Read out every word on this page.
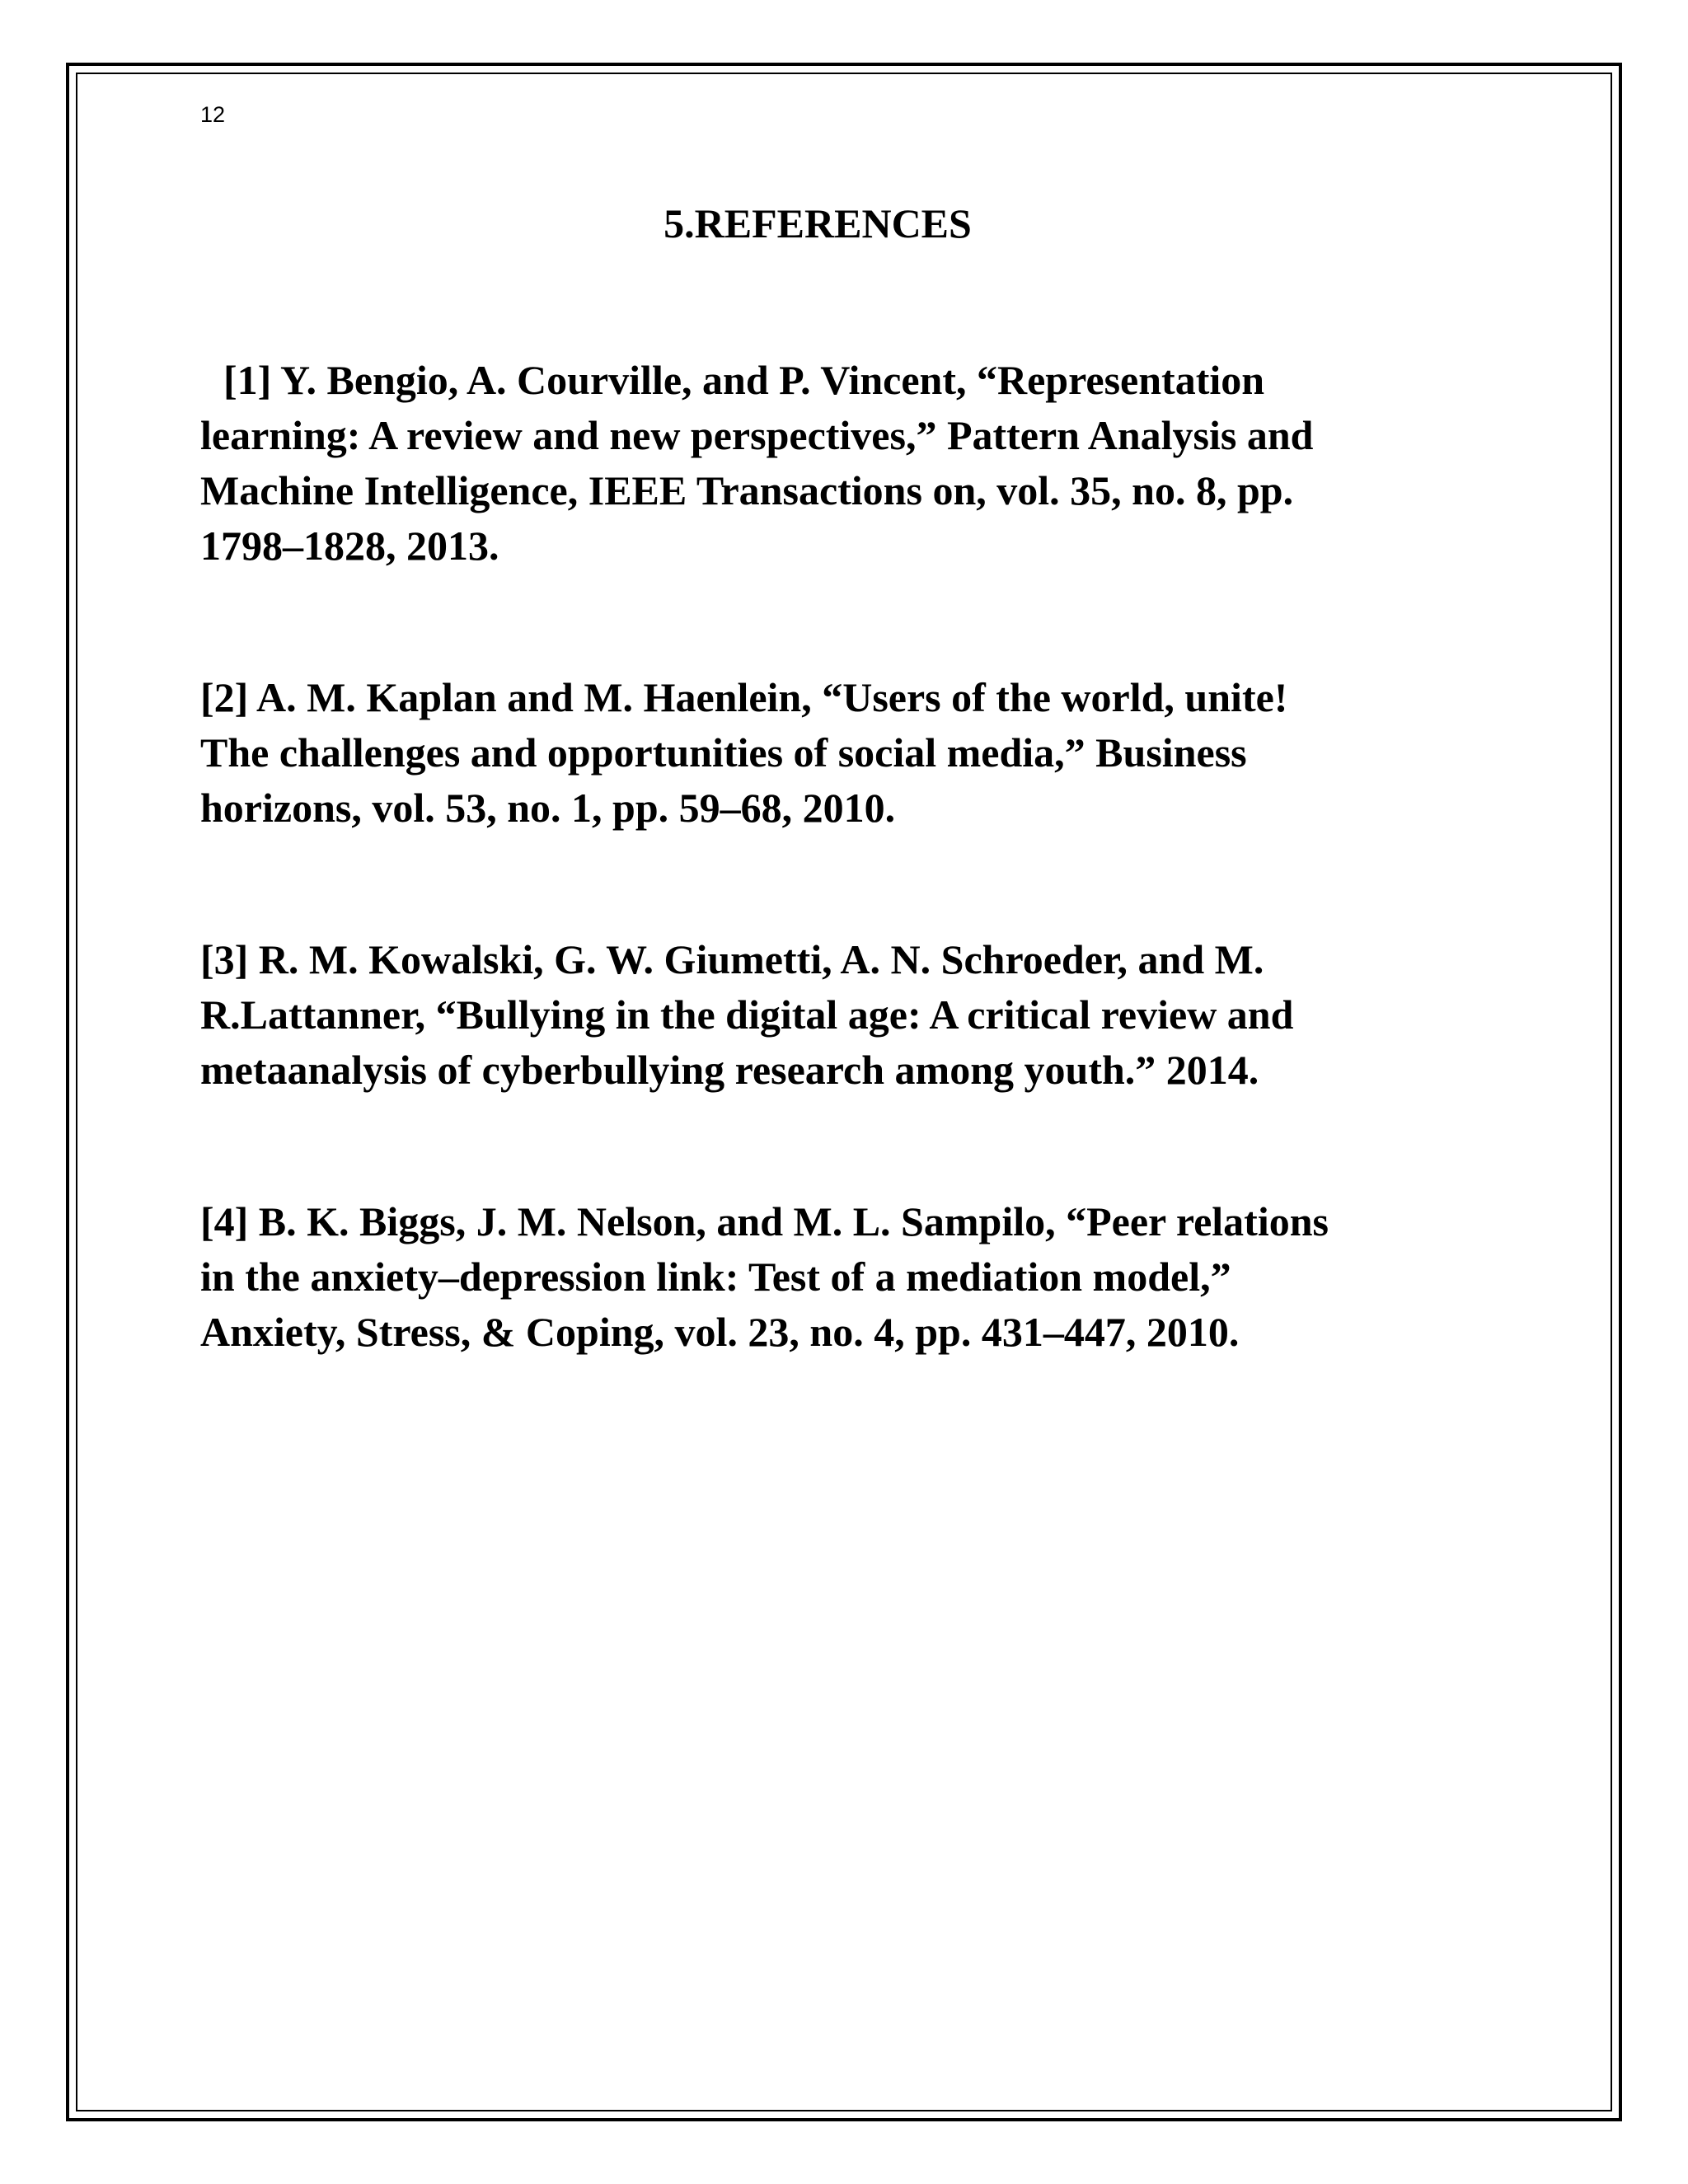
12
5.REFERENCES
[1] Y. Bengio, A. Courville, and P. Vincent, “Representation
learning: A review and new perspectives,” Pattern Analysis and
Machine Intelligence, IEEE Transactions on, vol. 35, no. 8, pp.
1798–1828, 2013.
[2] A. M. Kaplan and M. Haenlein, “Users of the world, unite!
The challenges and opportunities of social media,” Business
horizons, vol. 53, no. 1, pp. 59–68, 2010.
[3] R. M. Kowalski, G. W. Giumetti, A. N. Schroeder, and M.
R.Lattanner, “Bullying in the digital age: A critical review and
metaanalysis of cyberbullying research among youth.” 2014.
[4] B. K. Biggs, J. M. Nelson, and M. L. Sampilo, “Peer relations
in the anxiety–depression link: Test of a mediation model,”
Anxiety, Stress, & Coping, vol. 23, no. 4, pp. 431–447, 2010.
